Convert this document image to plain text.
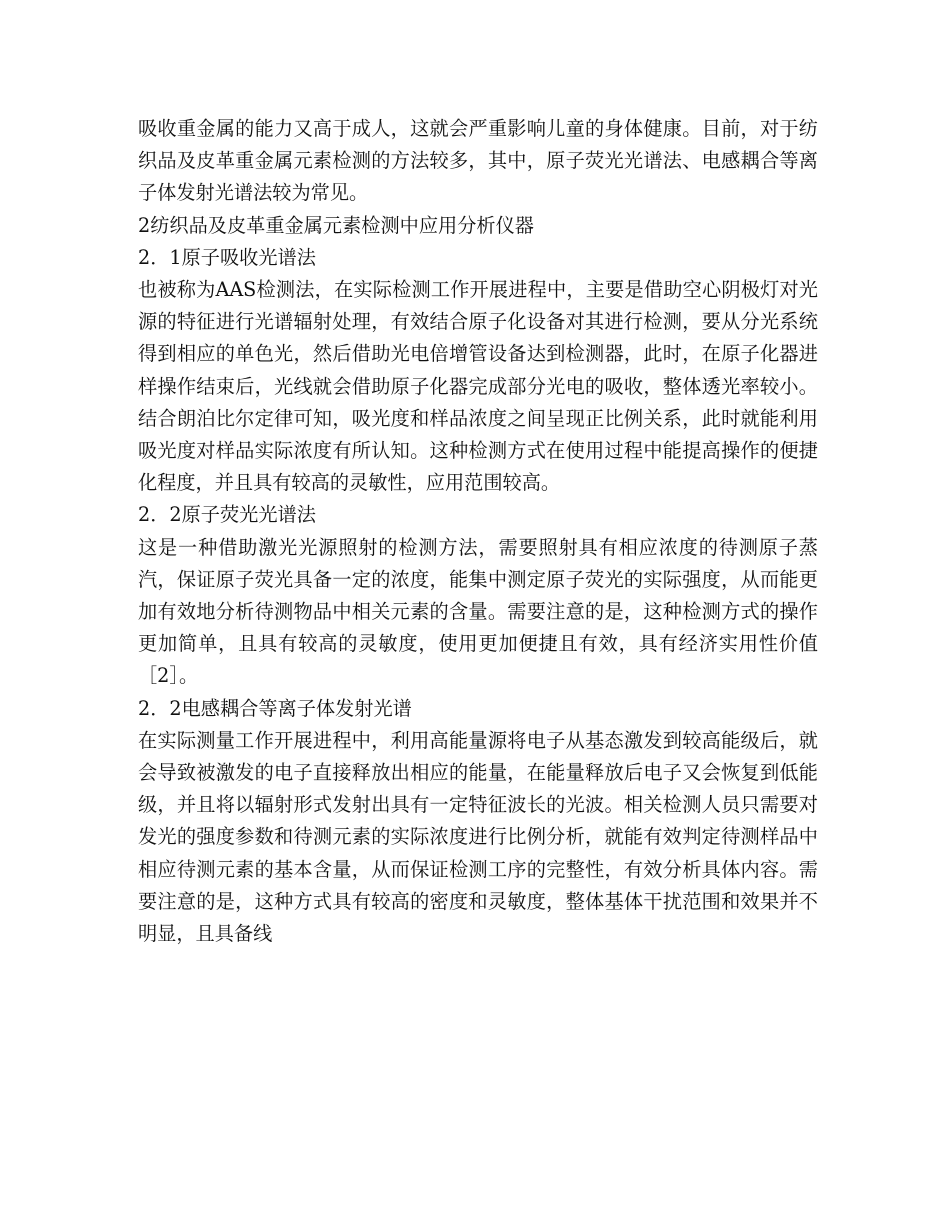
吸收重金属的能力又高于成人，这就会严重影响儿童的身体健康。目前，对于纺织品及皮革重金属元素检测的方法较多，其中，原子荧光光谱法、电感耦合等离子体发射光谱法较为常见。

2纺织品及皮革重金属元素检测中应用分析仪器

2．1原子吸收光谱法

也被称为AAS检测法，在实际检测工作开展进程中，主要是借助空心阴极灯对光源的特征进行光谱辐射处理，有效结合原子化设备对其进行检测，要从分光系统得到相应的单色光，然后借助光电倍增管设备达到检测器，此时，在原子化器进样操作结束后，光线就会借助原子化器完成部分光电的吸收，整体透光率较小。结合朗泊比尔定律可知，吸光度和样品浓度之间呈现正比例关系，此时就能利用吸光度对样品实际浓度有所认知。这种检测方式在使用过程中能提高操作的便捷化程度，并且具有较高的灵敏性，应用范围较高。

2．2原子荧光光谱法

这是一种借助激光光源照射的检测方法，需要照射具有相应浓度的待测原子蒸汽，保证原子荧光具备一定的浓度，能集中测定原子荧光的实际强度，从而能更加有效地分析待测物品中相关元素的含量。需要注意的是，这种检测方式的操作更加简单，且具有较高的灵敏度，使用更加便捷且有效，具有经济实用性价值［2］。

2．2电感耦合等离子体发射光谱

在实际测量工作开展进程中，利用高能量源将电子从基态激发到较高能级后，就会导致被激发的电子直接释放出相应的能量，在能量释放后电子又会恢复到低能级，并且将以辐射形式发射出具有一定特征波长的光波。相关检测人员只需要对发光的强度参数和待测元素的实际浓度进行比例分析，就能有效判定待测样品中相应待测元素的基本含量，从而保证检测工序的完整性，有效分析具体内容。需要注意的是，这种方式具有较高的密度和灵敏度，整体基体干扰范围和效果并不明显，且具备线
